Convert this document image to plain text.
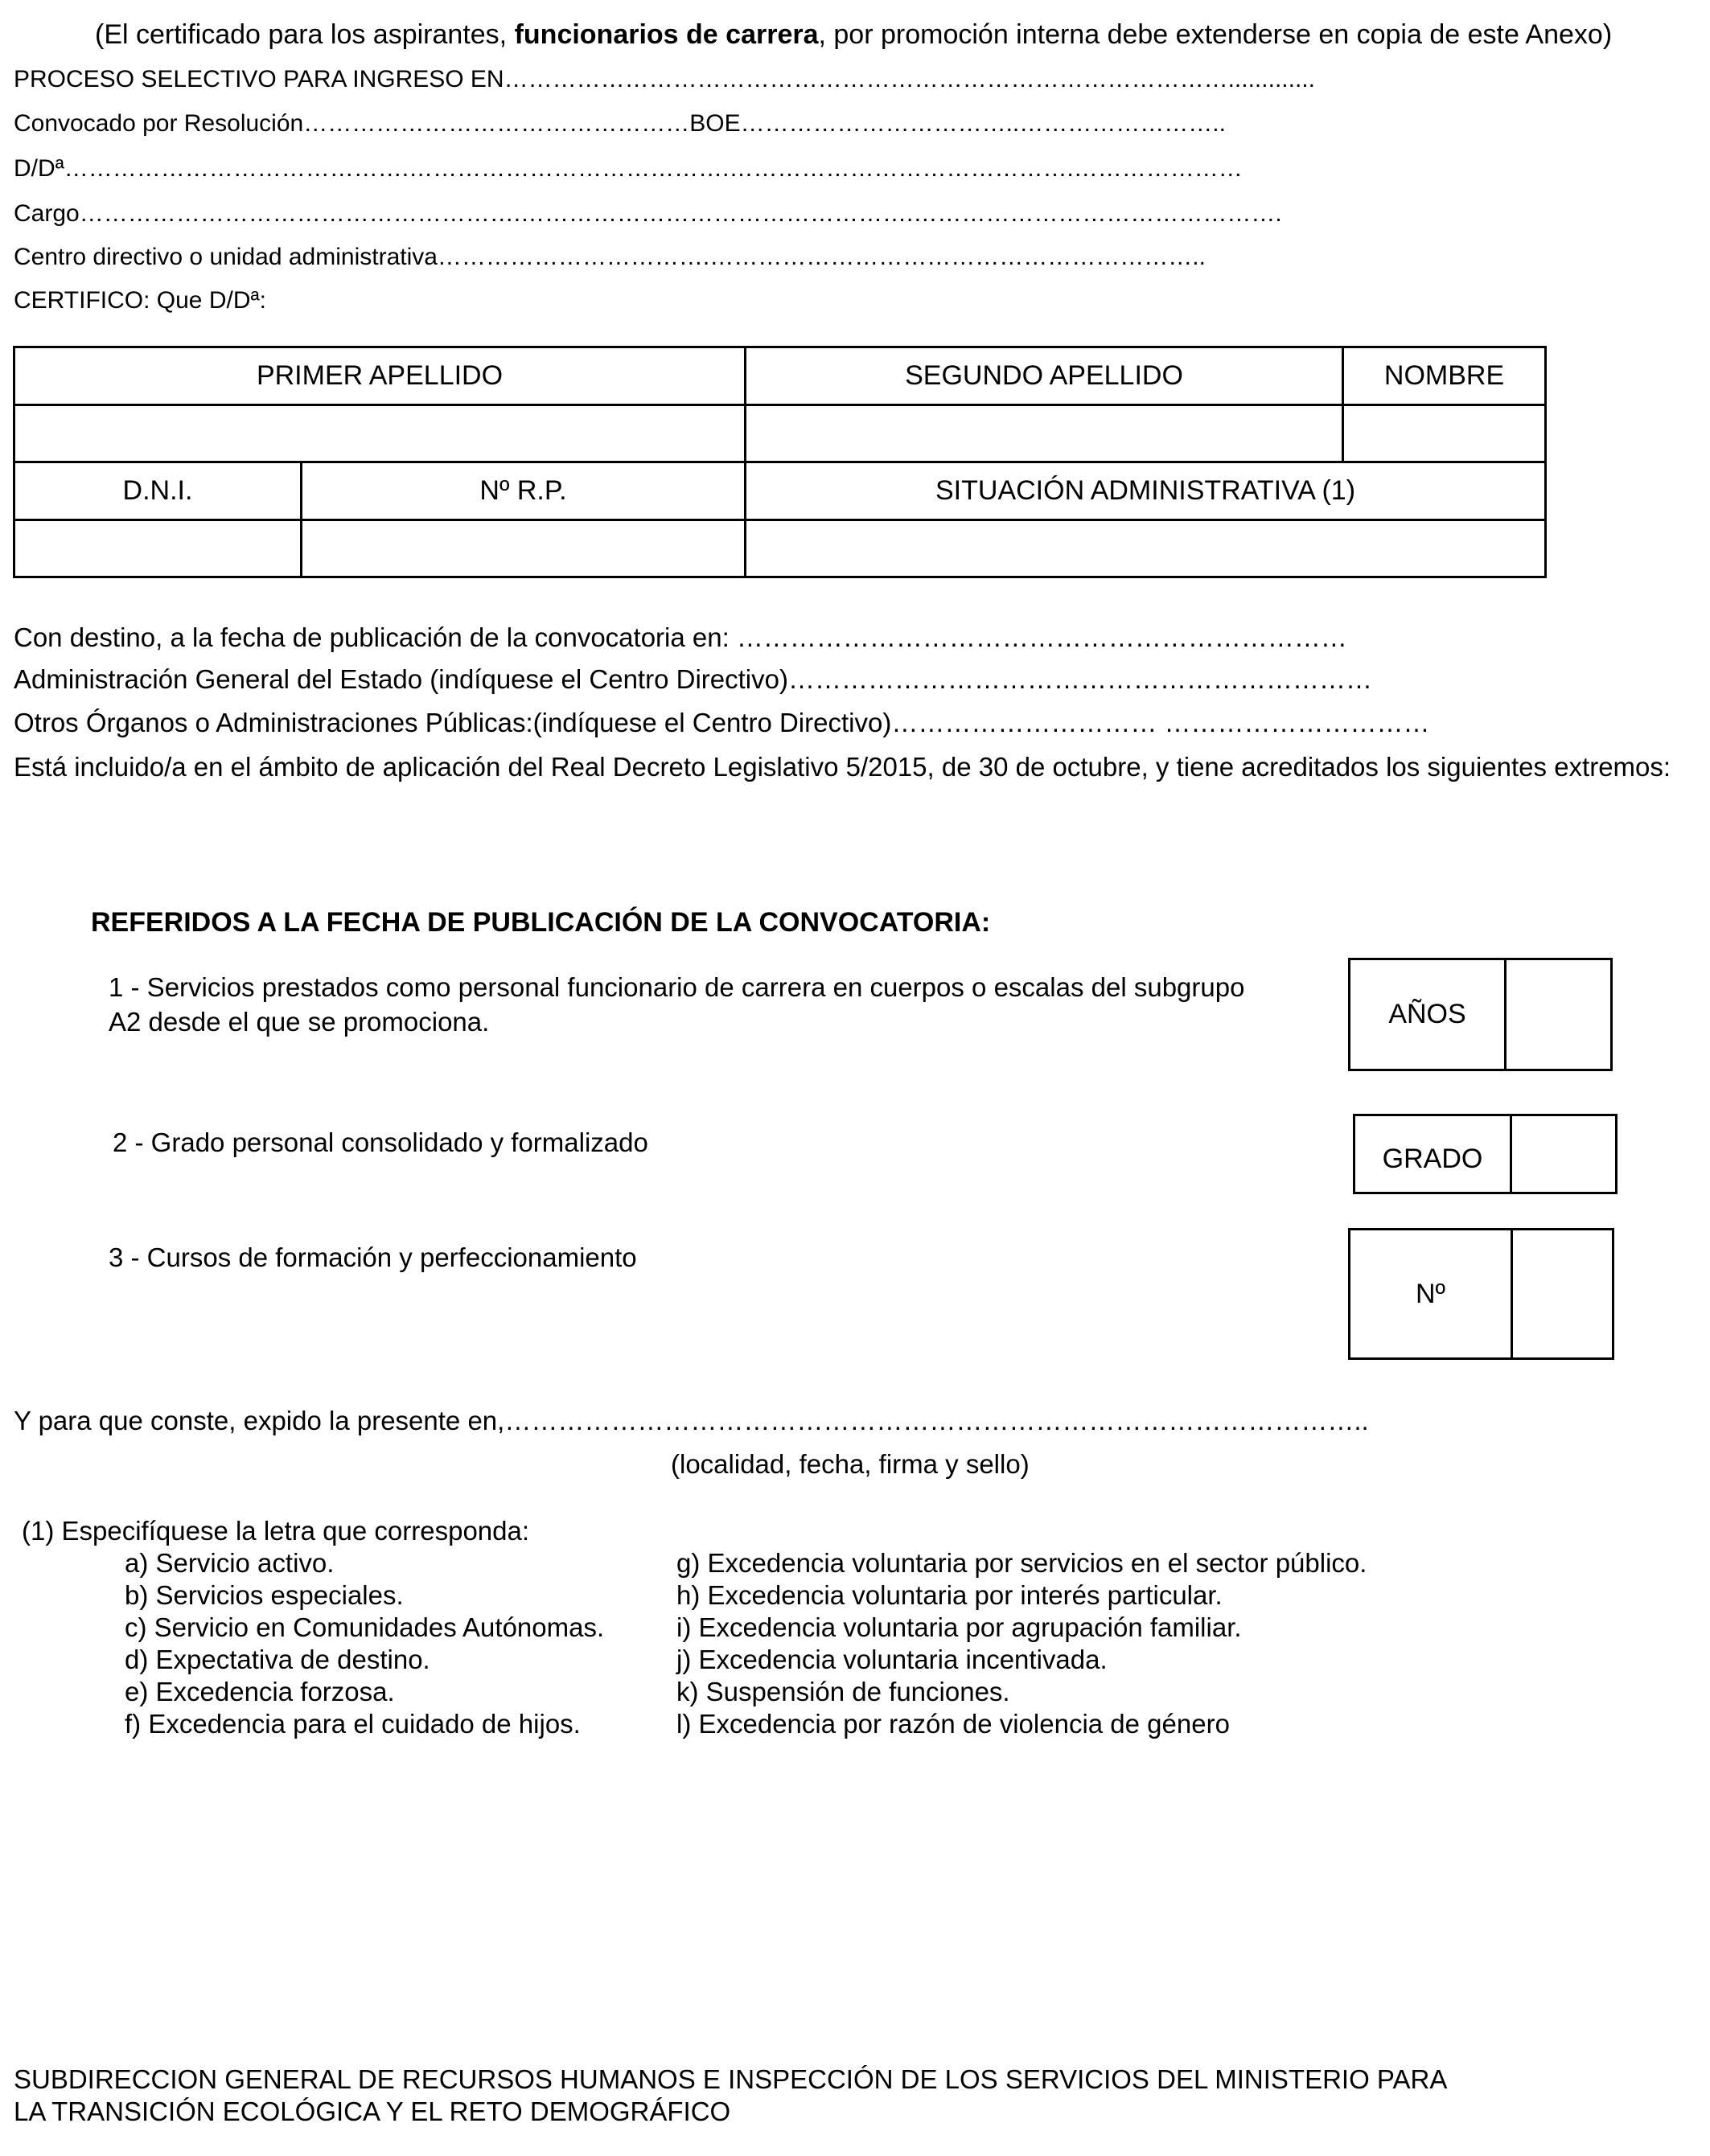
(El certificado para los aspirantes, funcionarios de carrera, por promoción interna debe extenderse en copia de este Anexo)
PROCESO SELECTIVO PARA INGRESO EN……………………………………………………………………………….............
Convocado por Resolución…………………………………………BOE……………………………..……………………..
D/Dª…………………………………….………………………………….…………………………………….…………………
Cargo……………………………………………….………………………………………….……………………………………….
Centro directivo o unidad administrativa…………………………….……………………………………………………..
CERTIFICO: Que D/Dª:
PRIMER APELLIDO		SEGUNDO APELLIDO	NOMBRE

D.N.I.	Nº R.P.	SITUACIÓN ADMINISTRATIVA (1)	

Con destino, a la fecha de publicación de la convocatoria en: ……………………………………………………………
Administración General del Estado (indíquese el Centro Directivo)…………………………………………………………
Otros Órganos o Administraciones Públicas:(indíquese el Centro Directivo)………………………… …………………………
Está incluido/a en el ámbito de aplicación del Real Decreto Legislativo 5/2015, de 30 de octubre, y tiene acreditados los siguientes extremos:
REFERIDOS A LA FECHA DE PUBLICACIÓN DE LA CONVOCATORIA:
1 - Servicios prestados como personal funcionario de carrera en cuerpos o escalas del subgrupo
A2 desde el que se promociona.	AÑOS
2 - Grado personal consolidado y formalizado
GRADO
3 - Cursos de formación y perfeccionamiento
Nº
Y para que conste, expido la presente en,……………………………………………………………………………………..
(localidad, fecha, firma y sello)
(1) Especifíquese la letra que corresponda:
a) Servicio activo.
b) Servicios especiales.
c) Servicio en Comunidades Autónomas.
d) Expectativa de destino.
e) Excedencia forzosa.
f) Excedencia para el cuidado de hijos.
g) Excedencia voluntaria por servicios en el sector público.
h) Excedencia voluntaria por interés particular.
i) Excedencia voluntaria por agrupación familiar.
j) Excedencia voluntaria incentivada.
k) Suspensión de funciones.
l) Excedencia por razón de violencia de género
SUBDIRECCION GENERAL DE RECURSOS HUMANOS E INSPECCIÓN DE LOS SERVICIOS DEL MINISTERIO PARA
LA TRANSICIÓN ECOLÓGICA Y EL RETO DEMOGRÁFICO
